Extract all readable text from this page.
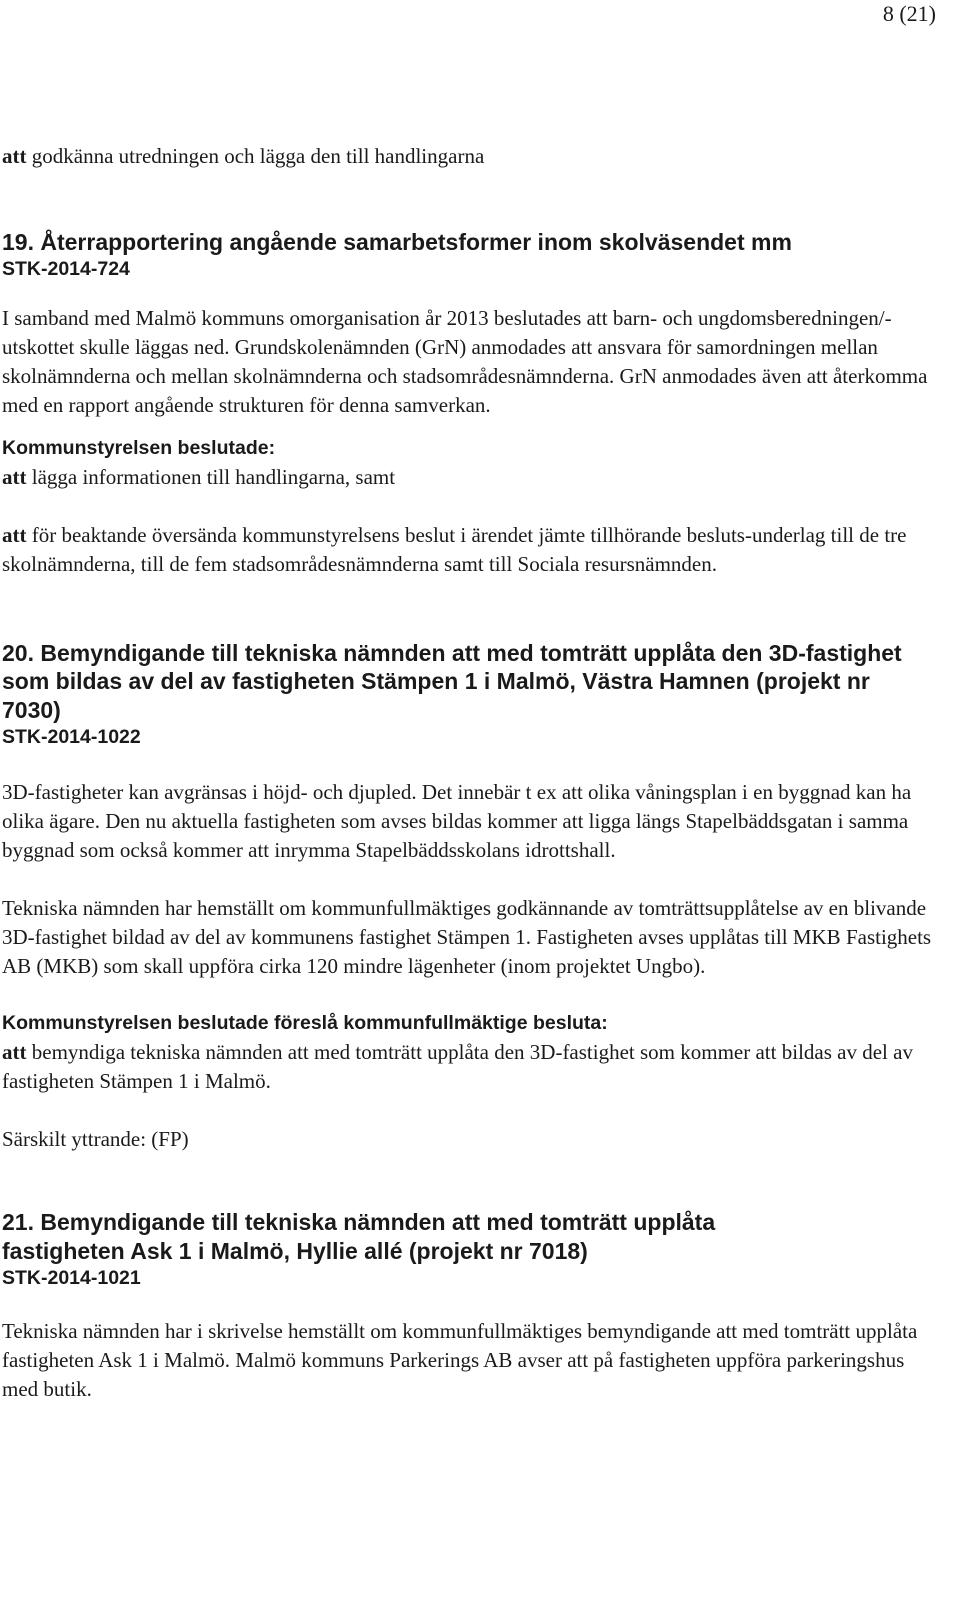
8 (21)

att godkänna utredningen och lägga den till handlingarna

19. Återrapportering angående samarbetsformer inom skolväsendet mm
STK-2014-724

I samband med Malmö kommuns omorganisation år 2013 beslutades att barn- och ungdomsberedningen/-utskottet skulle läggas ned. Grundskolenämnden (GrN) anmodades att ansvara för samordningen mellan skolnämnderna och mellan skolnämnderna och stadsområdesnämnderna. GrN anmodades även att återkomma med en rapport angående strukturen för denna samverkan.

Kommunstyrelsen beslutade:

att lägga informationen till handlingarna, samt

att för beaktande översända kommunstyrelsens beslut i ärendet jämte tillhörande besluts-underlag till de tre skolnämnderna, till de fem stadsområdesnämnderna samt till Sociala resursnämnden.

20. Bemyndigande till tekniska nämnden att med tomträtt upplåta den 3D-fastighet som bildas av del av fastigheten Stämpen 1 i Malmö, Västra Hamnen (projekt nr 7030)
STK-2014-1022

3D-fastigheter kan avgränsas i höjd- och djupled. Det innebär t ex att olika våningsplan i en byggnad kan ha olika ägare. Den nu aktuella fastigheten som avses bildas kommer att ligga längs Stapelbäddsgatan i samma byggnad som också kommer att inrymma Stapelbäddsskolans idrottshall.

Tekniska nämnden har hemställt om kommunfullmäktiges godkännande av tomträttsupplåtelse av en blivande 3D-fastighet bildad av del av kommunens fastighet Stämpen 1. Fastigheten avses upplåtas till MKB Fastighets AB (MKB) som skall uppföra cirka 120 mindre lägenheter (inom projektet Ungbo).

Kommunstyrelsen beslutade föreslå kommunfullmäktige besluta:

att bemyndiga tekniska nämnden att med tomträtt upplåta den 3D-fastighet som kommer att bildas av del av fastigheten Stämpen 1 i Malmö.

Särskilt yttrande: (FP)

21. Bemyndigande till tekniska nämnden att med tomträtt upplåta fastigheten Ask 1 i Malmö, Hyllie allé (projekt nr 7018)
STK-2014-1021

Tekniska nämnden har i skrivelse hemställt om kommunfullmäktiges bemyndigande att med tomträtt upplåta fastigheten Ask 1 i Malmö. Malmö kommuns Parkerings AB avser att på fastigheten uppföra parkeringshus med butik.
